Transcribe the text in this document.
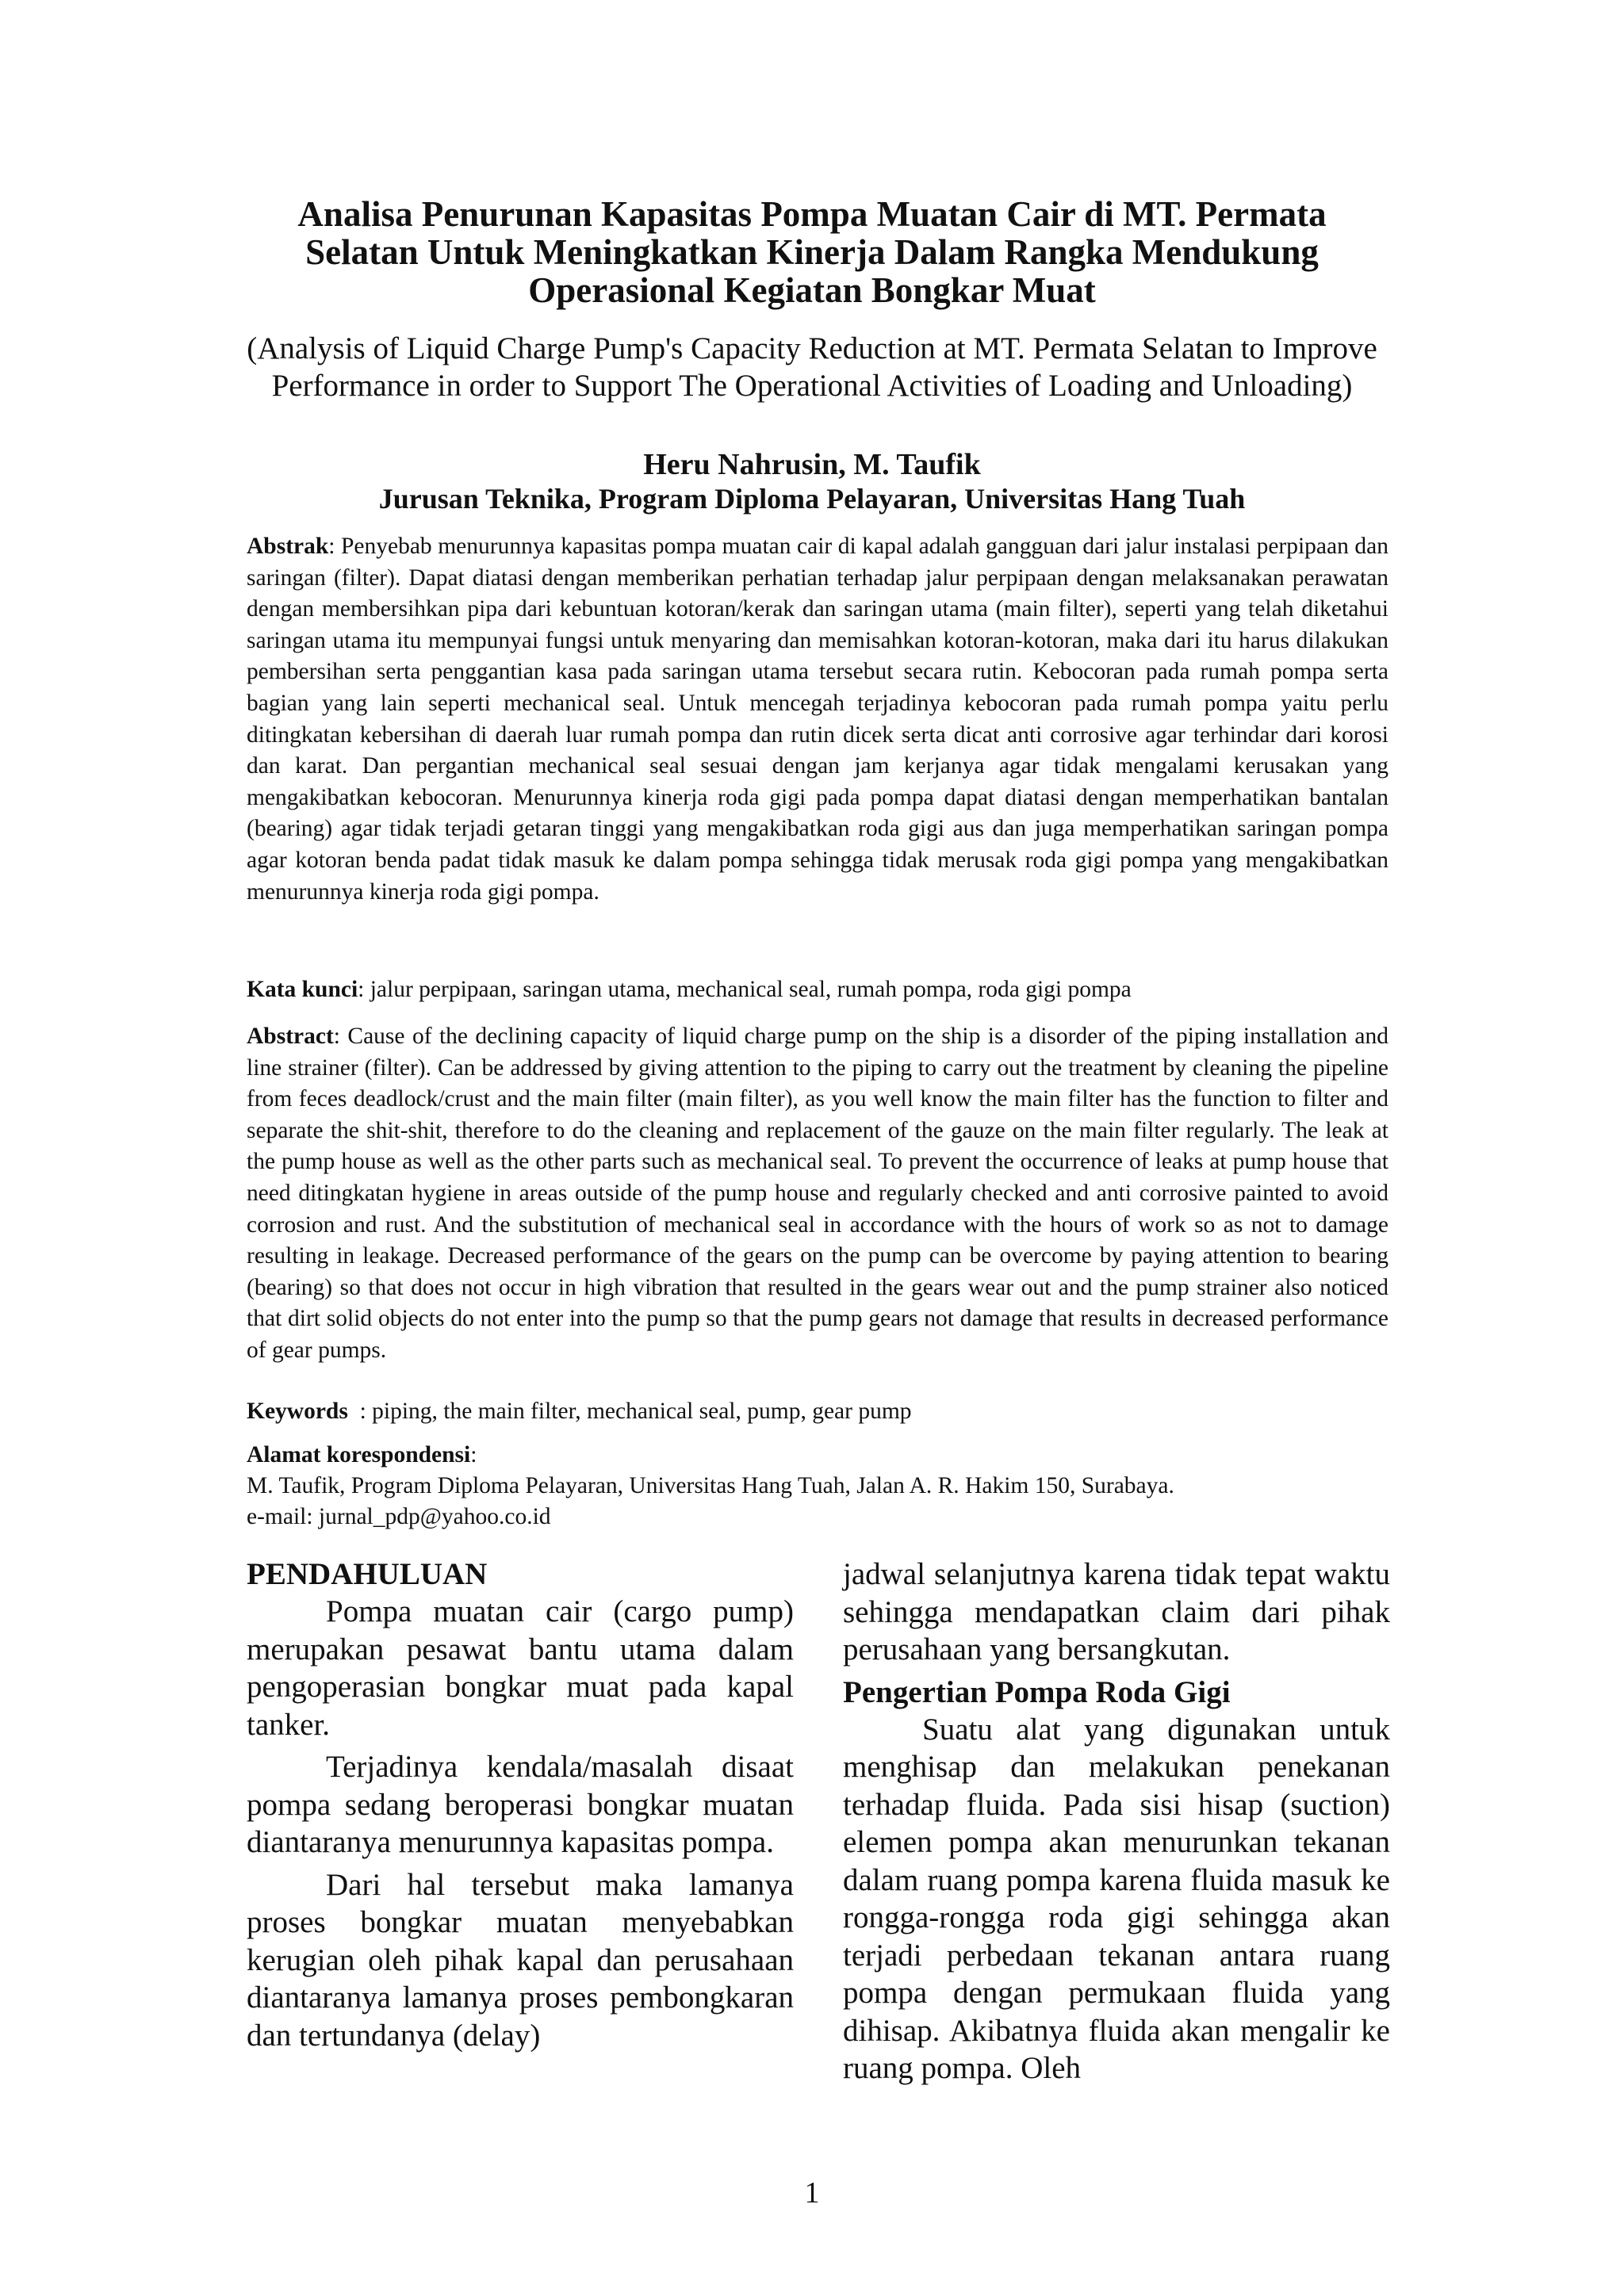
Analisa Penurunan Kapasitas Pompa Muatan Cair di MT. Permata Selatan Untuk Meningkatkan Kinerja Dalam Rangka Mendukung Operasional Kegiatan Bongkar Muat

(Analysis of Liquid Charge Pump's Capacity Reduction at MT. Permata Selatan to Improve Performance in order to Support The Operational Activities of Loading and Unloading)

Heru Nahrusin, M. Taufik

Jurusan Teknika, Program Diploma Pelayaran, Universitas Hang Tuah

Abstrak: Penyebab menurunnya kapasitas pompa muatan cair di kapal adalah gangguan dari jalur instalasi perpipaan dan saringan (filter). Dapat diatasi dengan memberikan perhatian terhadap jalur perpipaan dengan melaksanakan perawatan dengan membersihkan pipa dari kebuntuan kotoran/kerak dan saringan utama (main filter), seperti yang telah diketahui saringan utama itu mempunyai fungsi untuk menyaring dan memisahkan kotoran-kotoran, maka dari itu harus dilakukan pembersihan serta penggantian kasa pada saringan utama tersebut secara rutin. Kebocoran pada rumah pompa serta bagian yang lain seperti mechanical seal. Untuk mencegah terjadinya kebocoran pada rumah pompa yaitu perlu ditingkatan kebersihan di daerah luar rumah pompa dan rutin dicek serta dicat anti corrosive agar terhindar dari korosi dan karat. Dan pergantian mechanical seal sesuai dengan jam kerjanya agar tidak mengalami kerusakan yang mengakibatkan kebocoran. Menurunnya kinerja roda gigi pada pompa dapat diatasi dengan memperhatikan bantalan (bearing) agar tidak terjadi getaran tinggi yang mengakibatkan roda gigi aus dan juga memperhatikan saringan pompa agar kotoran benda padat tidak masuk ke dalam pompa sehingga tidak merusak roda gigi pompa yang mengakibatkan menurunnya kinerja roda gigi pompa.

Kata kunci: jalur perpipaan, saringan utama, mechanical seal, rumah pompa, roda gigi pompa

Abstract: Cause of the declining capacity of liquid charge pump on the ship is a disorder of the piping installation and line strainer (filter). Can be addressed by giving attention to the piping to carry out the treatment by cleaning the pipeline from feces deadlock/crust and the main filter (main filter), as you well know the main filter has the function to filter and separate the shit-shit, therefore to do the cleaning and replacement of the gauze on the main filter regularly. The leak at the pump house as well as the other parts such as mechanical seal. To prevent the occurrence of leaks at pump house that need ditingkatan hygiene in areas outside of the pump house and regularly checked and anti corrosive painted to avoid corrosion and rust. And the substitution of mechanical seal in accordance with the hours of work so as not to damage resulting in leakage. Decreased performance of the gears on the pump can be overcome by paying attention to bearing (bearing) so that does not occur in high vibration that resulted in the gears wear out and the pump strainer also noticed that dirt solid objects do not enter into the pump so that the pump gears not damage that results in decreased performance of gear pumps.

Keywords  : piping, the main filter, mechanical seal, pump, gear pump

Alamat korespondensi:
M. Taufik, Program Diploma Pelayaran, Universitas Hang Tuah, Jalan A. R. Hakim 150, Surabaya.
e-mail: jurnal_pdp@yahoo.co.id
PENDAHULUAN

Pompa muatan cair (cargo pump) merupakan pesawat bantu utama dalam pengoperasian bongkar muat pada kapal tanker.

Terjadinya kendala/masalah disaat pompa sedang beroperasi bongkar muatan diantaranya menurunnya kapasitas pompa.

Dari hal tersebut maka lamanya proses bongkar muatan menyebabkan kerugian oleh pihak kapal dan perusahaan diantaranya lamanya proses pembongkaran dan tertundanya (delay)

jadwal selanjutnya karena tidak tepat waktu sehingga mendapatkan claim dari pihak perusahaan yang bersangkutan.

Pengertian Pompa Roda Gigi

Suatu alat yang digunakan untuk menghisap dan melakukan penekanan terhadap fluida. Pada sisi hisap (suction) elemen pompa akan menurunkan tekanan dalam ruang pompa karena fluida masuk ke rongga-rongga roda gigi sehingga akan terjadi perbedaan tekanan antara ruang pompa dengan permukaan fluida yang dihisap. Akibatnya fluida akan mengalir ke ruang pompa. Oleh

1
